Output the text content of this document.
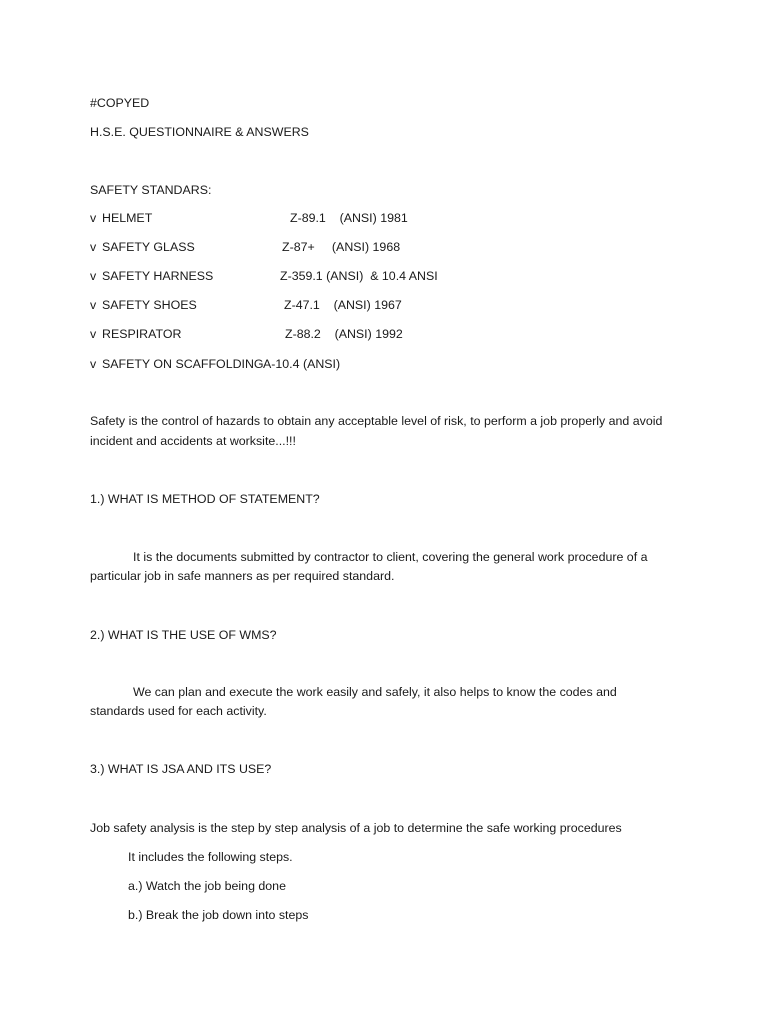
#COPYED
H.S.E. QUESTIONNAIRE & ANSWERS
SAFETY STANDARS:
v HELMET	Z-89.1    (ANSI) 1981
v SAFETY GLASS	Z-87+     (ANSI) 1968
v SAFETY HARNESS	Z-359.1 (ANSI)  & 10.4 ANSI
v SAFETY SHOES	Z-47.1    (ANSI) 1967
v RESPIRATOR	Z-88.2    (ANSI) 1992
v SAFETY ON SCAFFOLDING A-10.4 (ANSI)
Safety is the control of hazards to obtain any acceptable level of risk, to perform a job properly and avoid incident and accidents at worksite...!!!
1.) WHAT IS METHOD OF STATEMENT?
It is the documents submitted by contractor to client, covering the general work procedure of a
particular job in safe manners as per required standard.
2.) WHAT IS THE USE OF WMS?
We can plan and execute the work easily and safely, it also helps to know the codes and
standards used for each activity.
3.) WHAT IS JSA AND ITS USE?
Job safety analysis is the step by step analysis of a job to determine the safe working procedures
It includes the following steps.
a.) Watch the job being done
b.) Break the job down into steps
